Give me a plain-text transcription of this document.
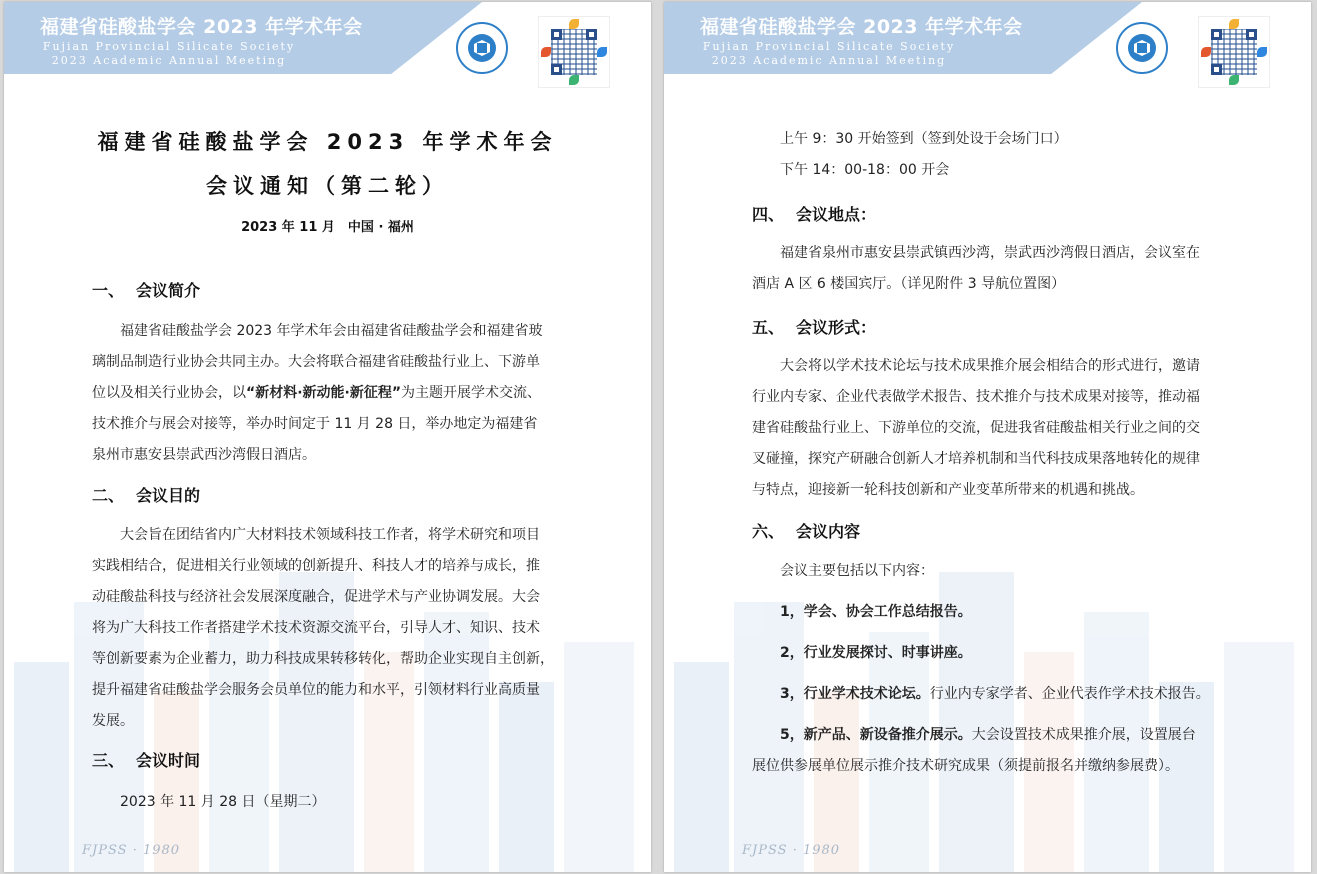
福建省硅酸盐学会 2023 年学术年会
Fujian Provincial Silicate Society
2023 Academic Annual Meeting
FJPSS · 1980
福建省硅酸盐学会 2023 年学术年会
会议通知（第二轮）
2023 年 11 月　中国 · 福州
一、 会议简介
福建省硅酸盐学会 2023 年学术年会由福建省硅酸盐学会和福建省玻
璃制品制造行业协会共同主办。大会将联合福建省硅酸盐行业上、下游单
位以及相关行业协会，以“新材料·新动能·新征程”为主题开展学术交流、
技术推介与展会对接等，举办时间定于 11 月 28 日，举办地定为福建省
泉州市惠安县崇武西沙湾假日酒店。
二、 会议目的
大会旨在团结省内广大材料技术领域科技工作者，将学术研究和项目
实践相结合，促进相关行业领域的创新提升、科技人才的培养与成长，推
动硅酸盐科技与经济社会发展深度融合，促进学术与产业协调发展。大会
将为广大科技工作者搭建学术技术资源交流平台，引导人才、知识、技术
等创新要素为企业蓄力，助力科技成果转移转化，帮助企业实现自主创新，
提升福建省硅酸盐学会服务会员单位的能力和水平，引领材料行业高质量
发展。
三、 会议时间
2023 年 11 月 28 日（星期二）
福建省硅酸盐学会 2023 年学术年会
Fujian Provincial Silicate Society
2023 Academic Annual Meeting
FJPSS · 1980
上午 9：30 开始签到（签到处设于会场门口）
下午 14：00-18：00 开会
四、 会议地点：
福建省泉州市惠安县崇武镇西沙湾，崇武西沙湾假日酒店，会议室在
酒店 A 区 6 楼国宾厅。（详见附件 3 导航位置图）
五、 会议形式：
大会将以学术技术论坛与技术成果推介展会相结合的形式进行，邀请
行业内专家、企业代表做学术报告、技术推介与技术成果对接等，推动福
建省硅酸盐行业上、下游单位的交流，促进我省硅酸盐相关行业之间的交
叉碰撞，探究产研融合创新人才培养机制和当代科技成果落地转化的规律
与特点，迎接新一轮科技创新和产业变革所带来的机遇和挑战。
六、 会议内容
会议主要包括以下内容：
1，学会、协会工作总结报告。
2，行业发展探讨、时事讲座。
3，行业学术技术论坛。行业内专家学者、企业代表作学术技术报告。
5，新产品、新设备推介展示。大会设置技术成果推介展，设置展台
展位供参展单位展示推介技术研究成果（须提前报名并缴纳参展费）。
